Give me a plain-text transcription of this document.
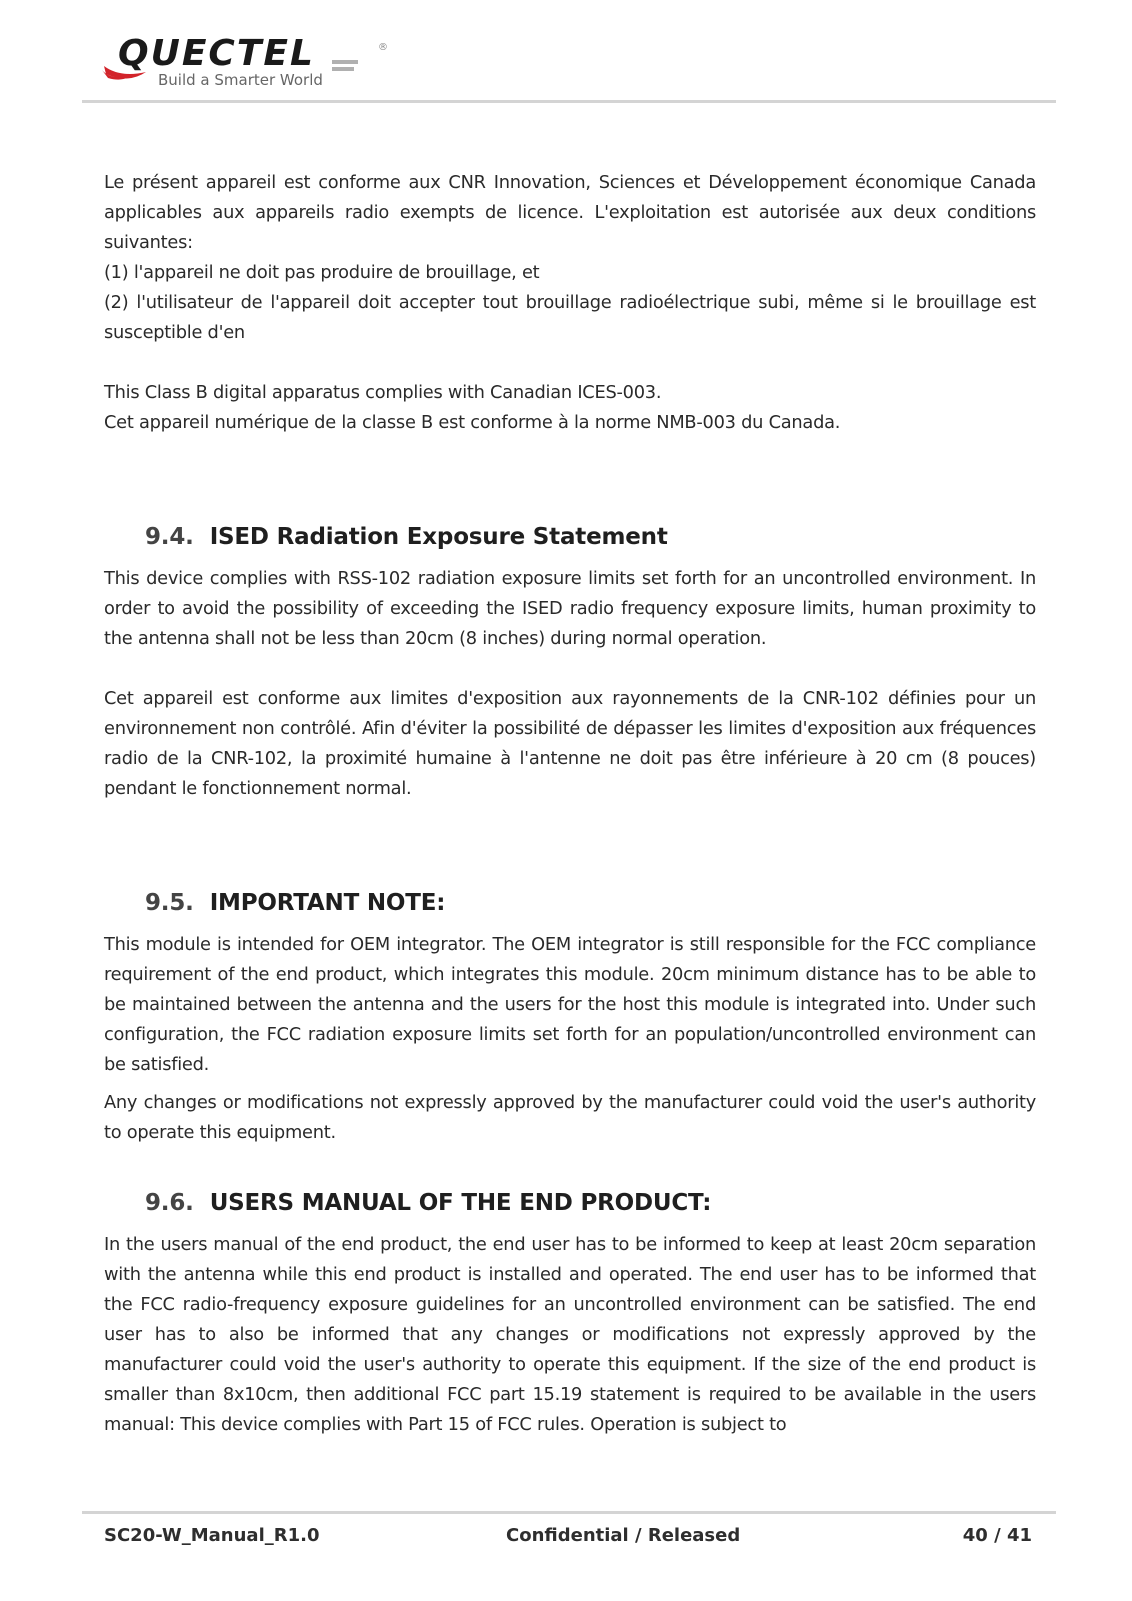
QUECTEL	®
Build a Smarter World

Le présent appareil est conforme aux CNR Innovation, Sciences et Développement économique Canada applicables aux appareils radio exempts de licence. L'exploitation est autorisée aux deux conditions suivantes:

(1) l'appareil ne doit pas produire de brouillage, et

(2) l'utilisateur de l'appareil doit accepter tout brouillage radioélectrique subi, même si le brouillage est susceptible d'en

This Class B digital apparatus complies with Canadian ICES-003.

Cet appareil numérique de la classe B est conforme à la norme NMB-003 du Canada.

9.4. ISED Radiation Exposure Statement

This device complies with RSS-102 radiation exposure limits set forth for an uncontrolled environment. In order to avoid the possibility of exceeding the ISED radio frequency exposure limits, human proximity to the antenna shall not be less than 20cm (8 inches) during normal operation.

Cet appareil est conforme aux limites d'exposition aux rayonnements de la CNR-102 définies pour un environnement non contrôlé. Afin d'éviter la possibilité de dépasser les limites d'exposition aux fréquences radio de la CNR-102, la proximité humaine à l'antenne ne doit pas être inférieure à 20 cm (8 pouces) pendant le fonctionnement normal.

9.5. IMPORTANT NOTE:

This module is intended for OEM integrator. The OEM integrator is still responsible for the FCC compliance requirement of the end product, which integrates this module. 20cm minimum distance has to be able to be maintained between the antenna and the users for the host this module is integrated into. Under such configuration, the FCC radiation exposure limits set forth for an population/uncontrolled environment can be satisfied.

Any changes or modifications not expressly approved by the manufacturer could void the user's authority to operate this equipment.

9.6. USERS MANUAL OF THE END PRODUCT:

In the users manual of the end product, the end user has to be informed to keep at least 20cm separation with the antenna while this end product is installed and operated. The end user has to be informed that the FCC radio-frequency exposure guidelines for an uncontrolled environment can be satisfied. The end user has to also be informed that any changes or modifications not expressly approved by the manufacturer could void the user's authority to operate this equipment. If the size of the end product is smaller than 8x10cm, then additional FCC part 15.19 statement is required to be available in the users manual: This device complies with Part 15 of FCC rules. Operation is subject to

SC20-W_Manual_R1.0	Confidential / Released	40 / 41
